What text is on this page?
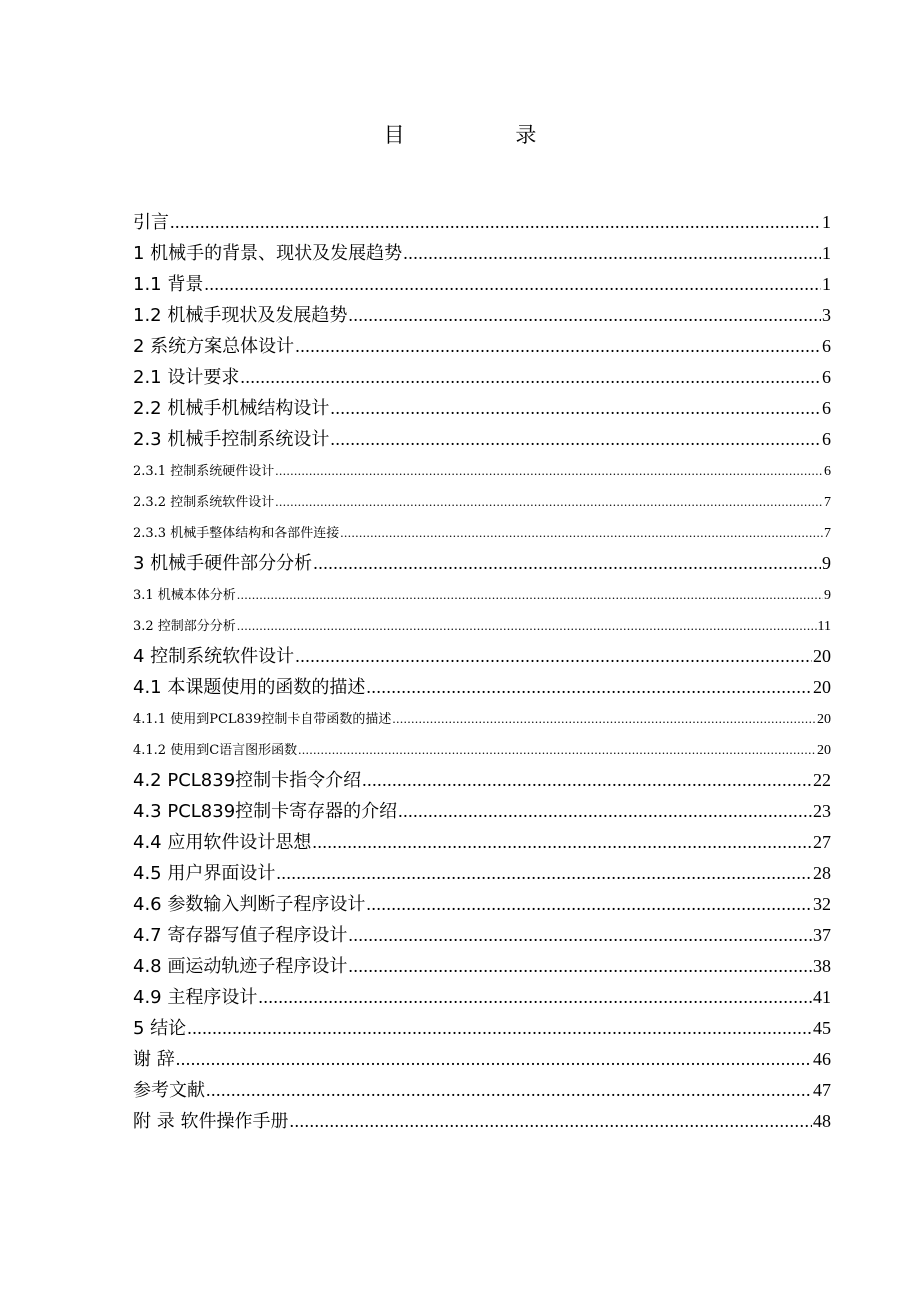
目 录
引言 .....	1
1 机械手的背景、现状及发展趋势 .....	1
1.1 背景 .....	1
1.2 机械手现状及发展趋势 .....	3
2 系统方案总体设计 .....	6
2.1 设计要求 .....	6
2.2 机械手机械结构设计 .....	6
2.3 机械手控制系统设计 .....	6
2.3.1 控制系统硬件设计 .....	6
2.3.2 控制系统软件设计 .....	7
2.3.3 机械手整体结构和各部件连接 .....	7
3 机械手硬件部分分析 .....	9
3.1 机械本体分析 .....	9
3.2 控制部分分析 .....	11
4 控制系统软件设计 .....	20
4.1 本课题使用的函数的描述 .....	20
4.1.1 使用到PCL839控制卡自带函数的描述 .....	20
4.1.2 使用到C语言图形函数 .....	20
4.2 PCL839控制卡指令介绍 .....	22
4.3 PCL839控制卡寄存器的介绍 .....	23
4.4 应用软件设计思想 .....	27
4.5 用户界面设计 .....	28
4.6 参数输入判断子程序设计 .....	32
4.7 寄存器写值子程序设计 .....	37
4.8 画运动轨迹子程序设计 .....	38
4.9 主程序设计 .....	41
5 结论 .....	45
谢 辞 .....	46
参考文献 .....	47
附 录 软件操作手册 .....	48
